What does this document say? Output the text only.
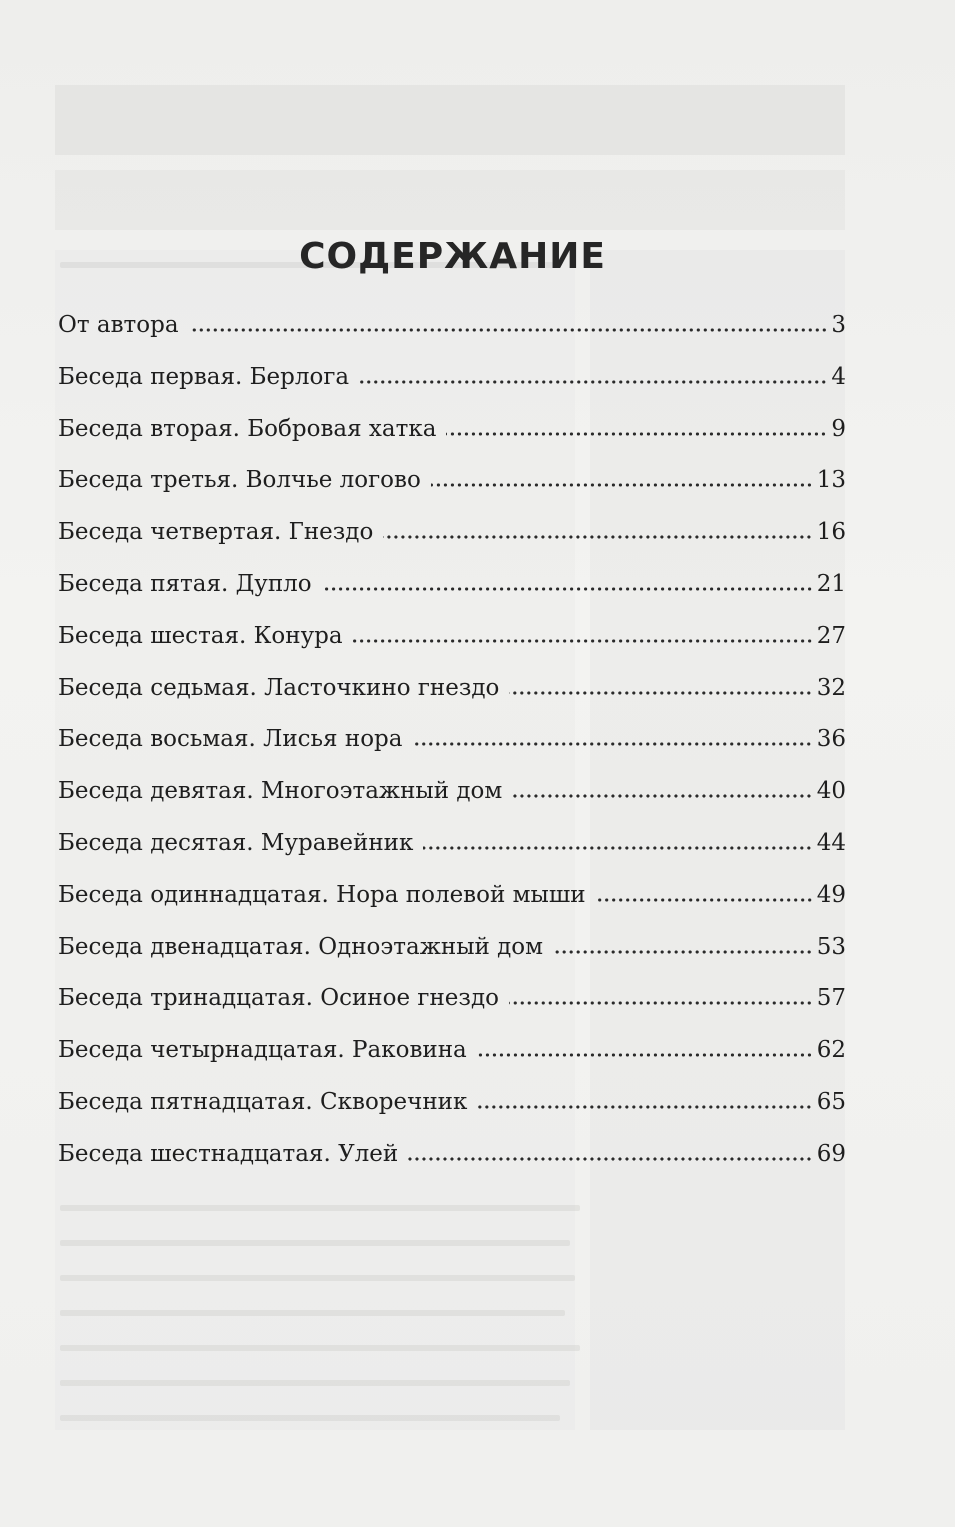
СОДЕРЖАНИЕ
От автора	3
Беседа первая. Берлога	4
Беседа вторая. Бобровая хатка	9
Беседа третья. Волчье логово	13
Беседа четвертая. Гнездо	16
Беседа пятая. Дупло	21
Беседа шестая. Конура	27
Беседа седьмая. Ласточкино гнездо	32
Беседа восьмая. Лисья нора	36
Беседа девятая. Многоэтажный дом	40
Беседа десятая. Муравейник	44
Беседа одиннадцатая. Нора полевой мыши	49
Беседа двенадцатая. Одноэтажный дом	53
Беседа тринадцатая. Осиное гнездо	57
Беседа четырнадцатая. Раковина	62
Беседа пятнадцатая. Скворечник	65
Беседа шестнадцатая. Улей	69
